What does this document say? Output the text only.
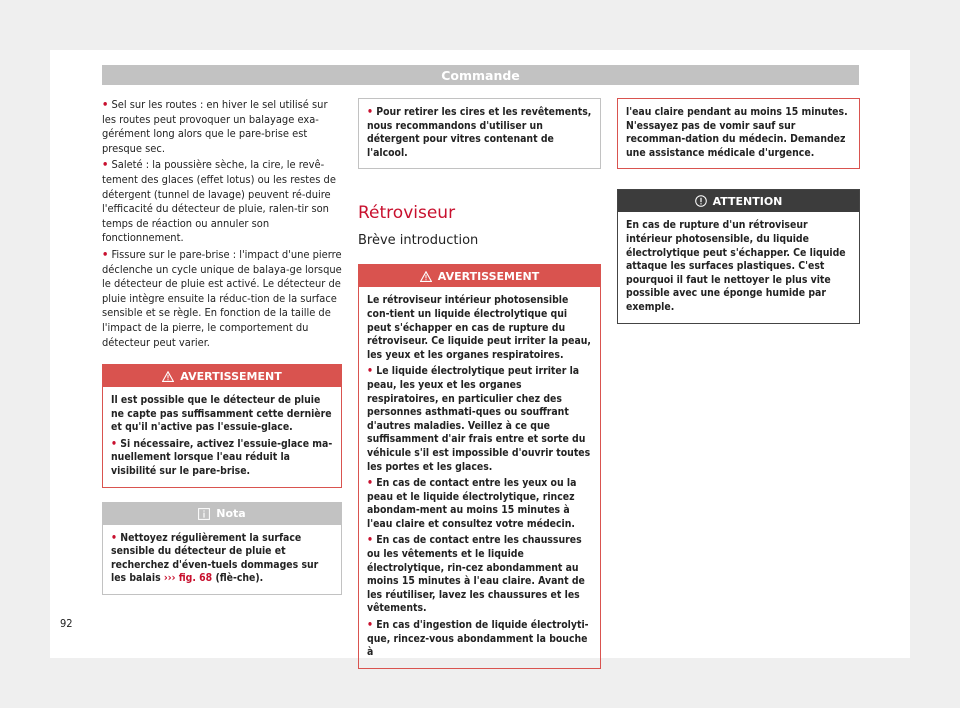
Commande

• Sel sur les routes : en hiver le sel utilisé sur les routes peut provoquer un balayage exa-gérément long alors que le pare-brise est presque sec.

• Saleté : la poussière sèche, la cire, le revê-tement des glaces (effet lotus) ou les restes de détergent (tunnel de lavage) peuvent ré-duire l'efficacité du détecteur de pluie, ralen-tir son temps de réaction ou annuler son fonctionnement.

• Fissure sur le pare-brise : l'impact d'une pierre déclenche un cycle unique de balaya-ge lorsque le détecteur de pluie est activé. Le détecteur de pluie intègre ensuite la réduc-tion de la surface sensible et se règle. En fonction de la taille de l'impact de la pierre, le comportement du détecteur peut varier.

AVERTISSEMENT

Il est possible que le détecteur de pluie ne capte pas suffisamment cette dernière et qu'il n'active pas l'essuie-glace.

• Si nécessaire, activez l'essuie-glace ma-nuellement lorsque l'eau réduit la visibilité sur le pare-brise.

Nota

• Nettoyez régulièrement la surface sensible du détecteur de pluie et recherchez d'éven-tuels dommages sur les balais ››› fig. 68 (flè-che).

• Pour retirer les cires et les revêtements, nous recommandons d'utiliser un détergent pour vitres contenant de l'alcool.

Rétroviseur
Brève introduction
AVERTISSEMENT

Le rétroviseur intérieur photosensible con-tient un liquide électrolytique qui peut s'échapper en cas de rupture du rétroviseur. Ce liquide peut irriter la peau, les yeux et les organes respiratoires.

• Le liquide électrolytique peut irriter la peau, les yeux et les organes respiratoires, en particulier chez des personnes asthmati-ques ou souffrant d'autres maladies. Veillez à ce que suffisamment d'air frais entre et sorte du véhicule s'il est impossible d'ouvrir toutes les portes et les glaces.

• En cas de contact entre les yeux ou la peau et le liquide électrolytique, rincez abondam-ment au moins 15 minutes à l'eau claire et consultez votre médecin.

• En cas de contact entre les chaussures ou les vêtements et le liquide électrolytique, rin-cez abondamment au moins 15 minutes à l'eau claire. Avant de les réutiliser, lavez les chaussures et les vêtements.

• En cas d'ingestion de liquide électrolyti-que, rincez-vous abondamment la bouche à

l'eau claire pendant au moins 15 minutes. N'essayez pas de vomir sauf sur recomman-dation du médecin. Demandez une assistance médicale d'urgence.

ATTENTION

En cas de rupture d'un rétroviseur intérieur photosensible, du liquide électrolytique peut s'échapper. Ce liquide attaque les surfaces plastiques. C'est pourquoi il faut le nettoyer le plus vite possible avec une éponge humide par exemple.

92
